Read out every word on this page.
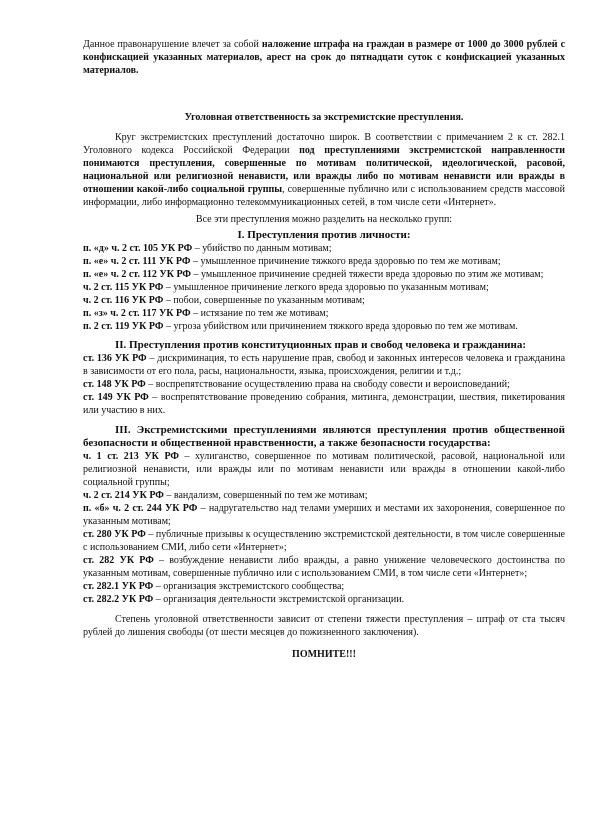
Данное правонарушение влечет за собой наложение штрафа на граждан в размере от 1000 до 3000 рублей с конфискацией указанных материалов, арест на срок до пятнадцати суток с конфискацией указанных материалов.

Уголовная ответственность за экстремистские преступления.

Круг экстремистских преступлений достаточно широк. В соответствии с примечанием 2 к ст. 282.1 Уголовного кодекса Российской Федерации под преступлениями экстремистской направленности понимаются преступления, совершенные по мотивам политической, идеологической, расовой, национальной или религиозной ненависти, или вражды либо по мотивам ненависти или вражды в отношении какой-либо социальной группы, совершенные публично или с использованием средств массовой информации, либо информационно телекоммуникационных сетей, в том числе сети «Интернет».

Все эти преступления можно разделить на несколько групп:

I. Преступления против личности:

п. «д» ч. 2 ст. 105 УК РФ – убийство по данным мотивам;

п. «е» ч. 2 ст. 111 УК РФ – умышленное причинение тяжкого вреда здоровью по тем же мотивам;

п. «е» ч. 2 ст. 112 УК РФ – умышленное причинение средней тяжести вреда здоровью по этим же мотивам;

ч. 2 ст. 115 УК РФ – умышленное причинение легкого вреда здоровью по указанным мотивам;

ч. 2 ст. 116 УК РФ – побои, совершенные по указанным мотивам;

п. «з» ч. 2 ст. 117 УК РФ – истязание по тем же мотивам;

п. 2 ст. 119 УК РФ – угроза убийством или причинением тяжкого вреда здоровью по тем же мотивам.

II. Преступления против конституционных прав и свобод человека и гражданина:

ст. 136 УК РФ – дискриминация, то есть нарушение прав, свобод и законных интересов человека и гражданина в зависимости от его пола, расы, национальности, языка, происхождения, религии и т.д.;

ст. 148 УК РФ – воспрепятствование осуществлению права на свободу совести и вероисповеданий;

ст. 149 УК РФ – воспрепятствование проведению собрания, митинга, демонстрации, шествия, пикетирования или участию в них.

III. Экстремистскими преступлениями являются преступления против общественной безопасности и общественной нравственности, а также безопасности государства:

ч. 1 ст. 213 УК РФ – хулиганство, совершенное по мотивам политической, расовой, национальной или религиозной ненависти, или вражды или по мотивам ненависти или вражды в отношении какой-либо социальной группы;

ч. 2 ст. 214 УК РФ – вандализм, совершенный по тем же мотивам;

п. «б» ч. 2 ст. 244 УК РФ – надругательство над телами умерших и местами их захоронения, совершенное по указанным мотивам;

ст. 280 УК РФ – публичные призывы к осуществлению экстремистской деятельности, в том числе совершенные с использованием СМИ, либо сети «Интернет»;

ст. 282 УК РФ – возбуждение ненависти либо вражды, а равно унижение человеческого достоинства по указанным мотивам, совершенные публично или с использованием СМИ, в том числе сети «Интернет»;

ст. 282.1 УК РФ – организация экстремистского сообщества;

ст. 282.2 УК РФ – организация деятельности экстремистской организации.

Степень уголовной ответственности зависит от степени тяжести преступления – штраф от ста тысяч рублей до лишения свободы (от шести месяцев до пожизненного заключения).

ПОМНИТЕ!!!
